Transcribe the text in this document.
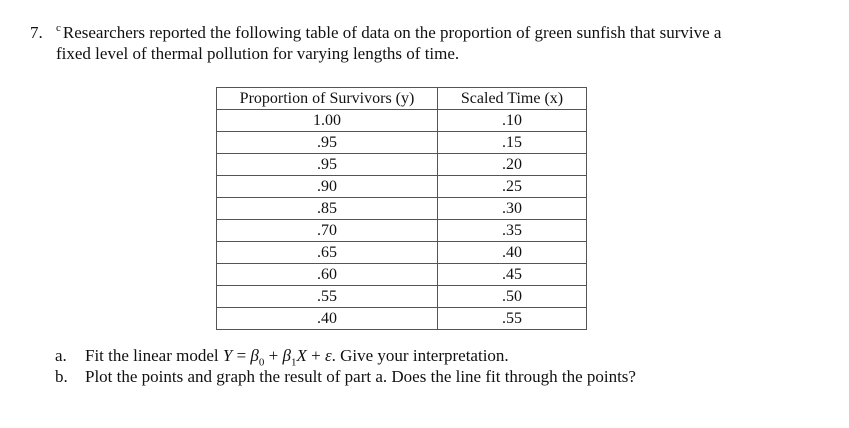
7.	$^c$ Researchers reported the following table of data on the proportion of green sunfish that survive a
fixed level of thermal pollution for varying lengths of time.
Proportion of Survivors (y)	Scaled Time (x)
1.00	.10
.95	.15
.95	.20
.90	.25
.85	.30
.70	.35
.65	.40
.60	.45
.55	.50
.40	.55
a.	Fit the linear model $Y = \beta_0 + \beta_1X + \varepsilon$. Give your interpretation.
b.	Plot the points and graph the result of part a. Does the line fit through the points?
